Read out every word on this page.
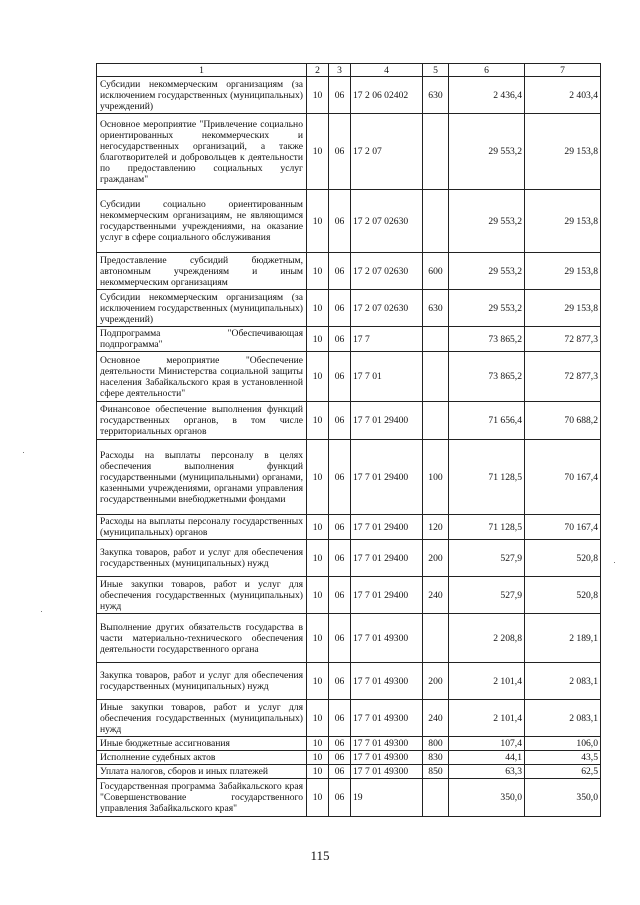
1	2	3	4	5	6	7
Субсидии некоммерческим организациям (за исключением государственных (муниципальных) учреждений)	10	06	17 2 06 02402	630	2 436,4	2 403,4
Основное мероприятие "Привлечение социально ориентированных некоммерческих и негосударственных организаций, а также благотворителей и добровольцев к деятельности по предоставлению социальных услуг гражданам"	10	06	17 2 07		29 553,2	29 153,8
Субсидии социально ориентированным некоммерческим организациям, не являющимся государственными учреждениями, на оказание услуг в сфере социального обслуживания	10	06	17 2 07 02630		29 553,2	29 153,8
Предоставление субсидий бюджетным, автономным учреждениям и иным некоммерческим организациям	10	06	17 2 07 02630	600	29 553,2	29 153,8
Субсидии некоммерческим организациям (за исключением государственных (муниципальных) учреждений)	10	06	17 2 07 02630	630	29 553,2	29 153,8
Подпрограмма "Обеспечивающая подпрограмма"	10	06	17 7		73 865,2	72 877,3
Основное мероприятие "Обеспечение деятельности Министерства социальной защиты населения Забайкальского края в установленной сфере деятельности"	10	06	17 7 01		73 865,2	72 877,3
Финансовое обеспечение выполнения функций государственных органов, в том числе территориальных органов	10	06	17 7 01 29400		71 656,4	70 688,2
Расходы на выплаты персоналу в целях обеспечения выполнения функций государственными (муниципальными) органами, казенными учреждениями, органами управления государственными внебюджетными фондами	10	06	17 7 01 29400	100	71 128,5	70 167,4
Расходы на выплаты персоналу государственных (муниципальных) органов	10	06	17 7 01 29400	120	71 128,5	70 167,4
Закупка товаров, работ и услуг для обеспечения государственных (муниципальных) нужд	10	06	17 7 01 29400	200	527,9	520,8
Иные закупки товаров, работ и услуг для обеспечения государственных (муниципальных) нужд	10	06	17 7 01 29400	240	527,9	520,8
Выполнение других обязательств государства в части материально-технического обеспечения деятельности государственного органа	10	06	17 7 01 49300		2 208,8	2 189,1
Закупка товаров, работ и услуг для обеспечения государственных (муниципальных) нужд	10	06	17 7 01 49300	200	2 101,4	2 083,1
Иные закупки товаров, работ и услуг для обеспечения государственных (муниципальных) нужд	10	06	17 7 01 49300	240	2 101,4	2 083,1
Иные бюджетные ассигнования	10	06	17 7 01 49300	800	107,4	106,0
Исполнение судебных актов	10	06	17 7 01 49300	830	44,1	43,5
Уплата налогов, сборов и иных платежей	10	06	17 7 01 49300	850	63,3	62,5
Государственная программа Забайкальского края "Совершенствование государственного управления Забайкальского края"	10	06	19		350,0	350,0
115
